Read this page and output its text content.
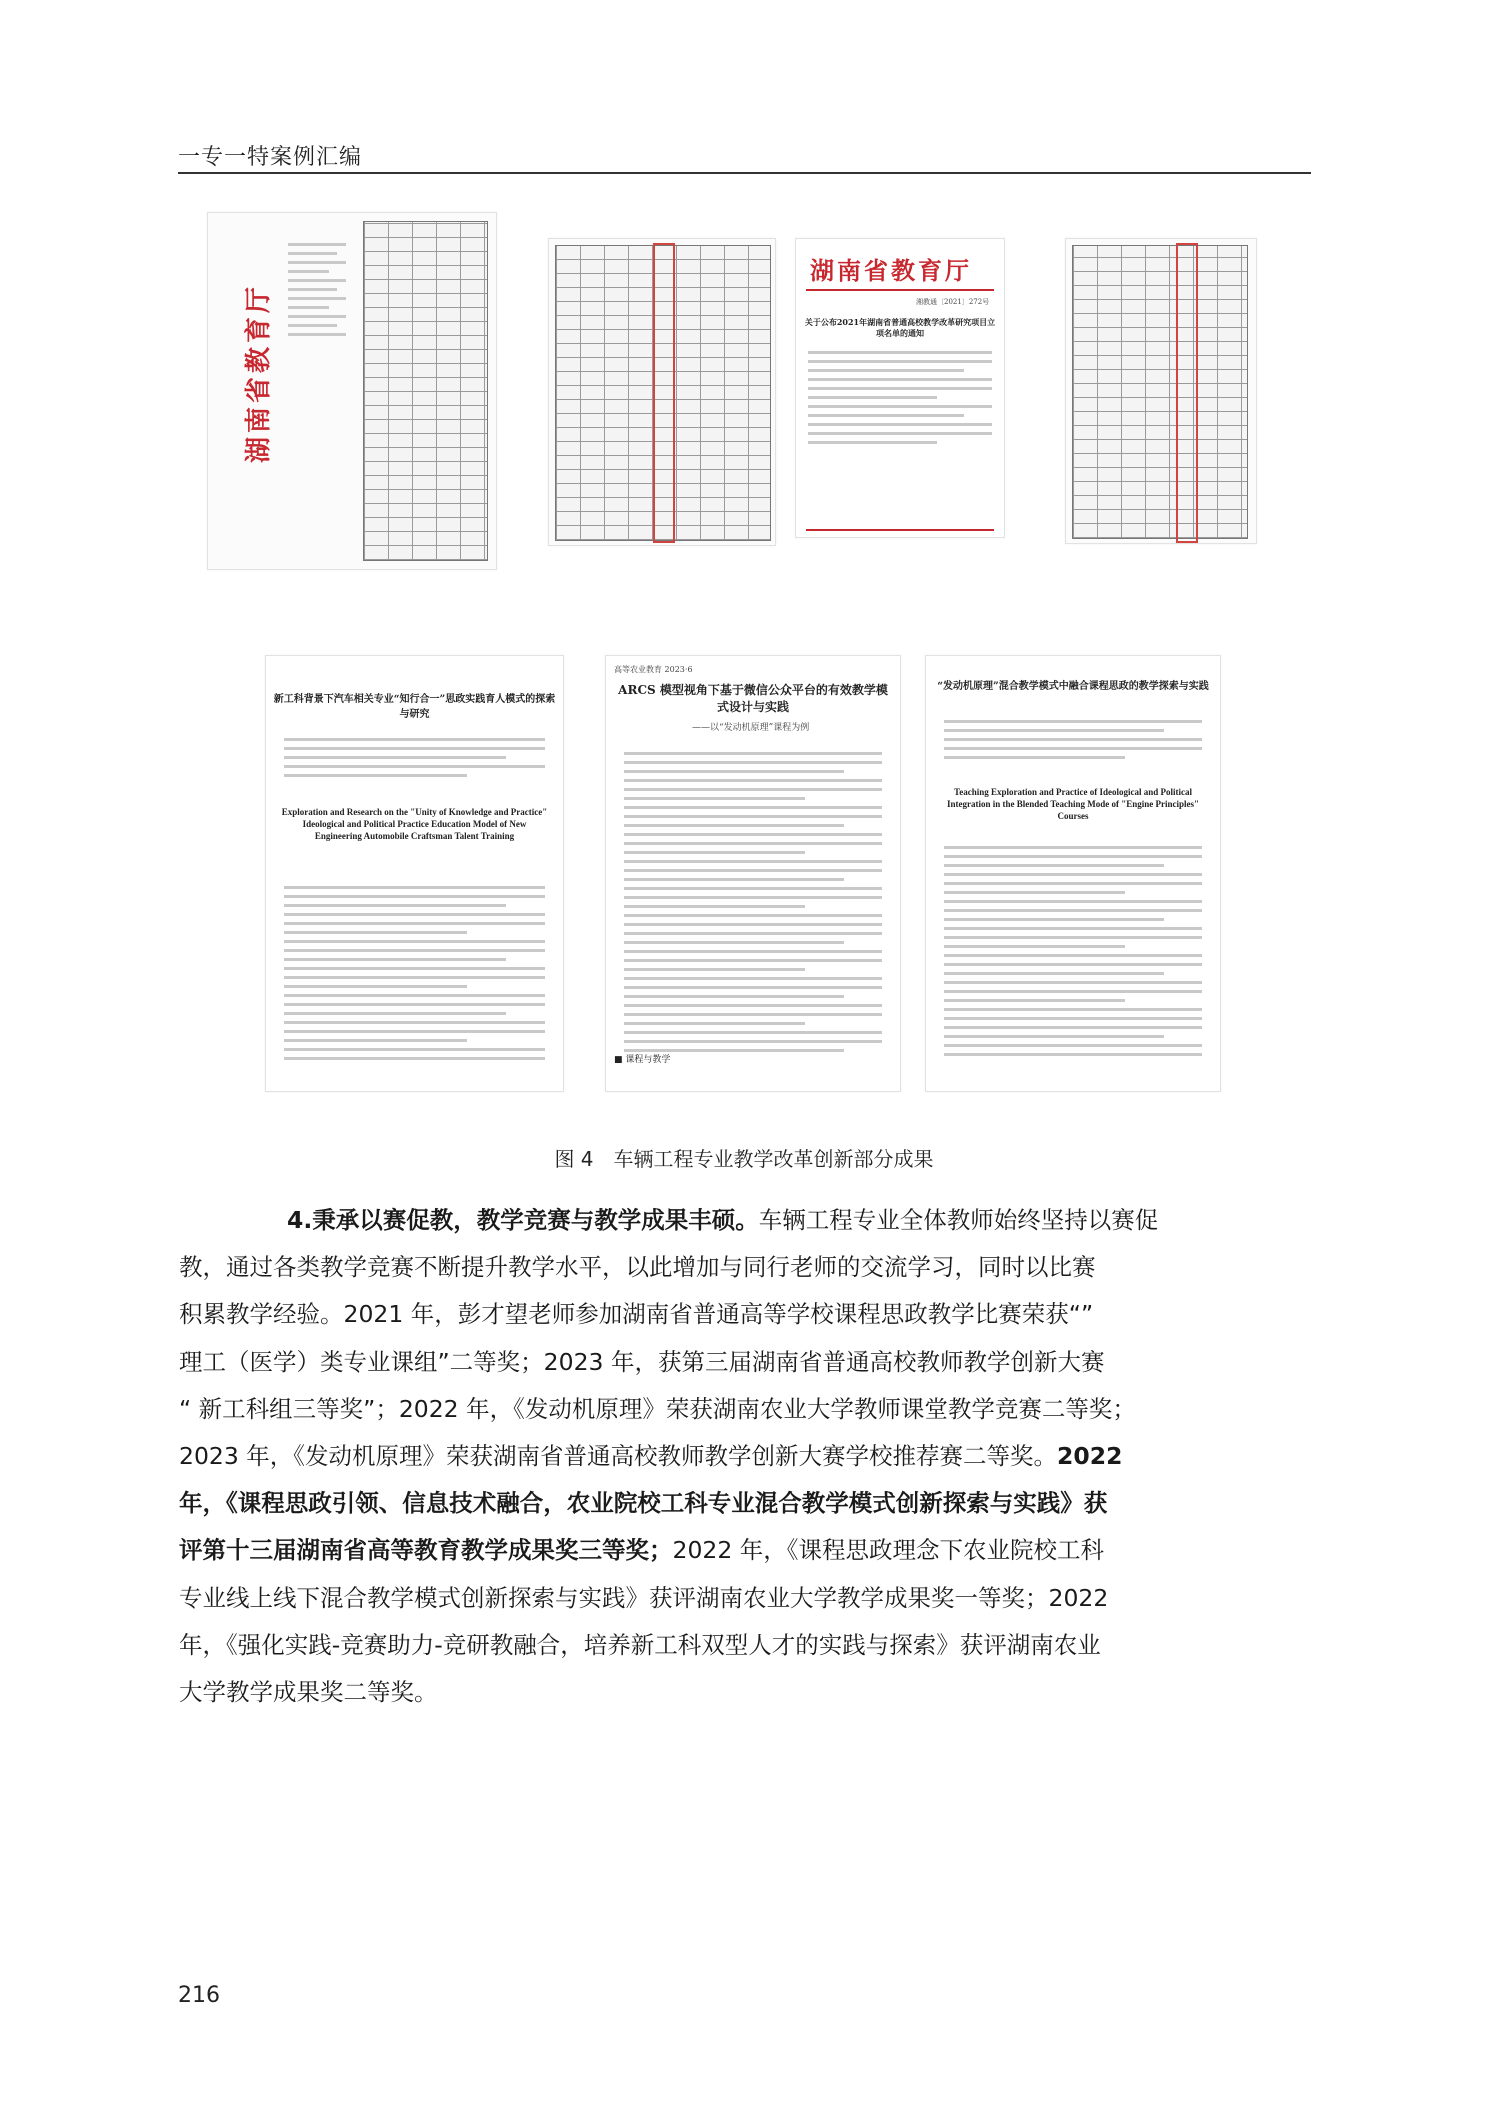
一专一特案例汇编
湖南省教育厅
湖南省教育厅
湘教通〔2021〕272号
关于公布2021年湖南省普通高校教学改革研究项目立项名单的通知
新工科背景下汽车相关专业“知行合一”思政实践育人模式的探索与研究
Exploration and Research on the "Unity of Knowledge and Practice" Ideological and Political Practice Education Model of New Engineering Automobile Craftsman Talent Training
高等农业教育 2023·6
ARCS 模型视角下基于微信公众平台的有效教学模式设计与实践
——以“发动机原理”课程为例
■ 课程与教学
“发动机原理”混合教学模式中融合课程思政的教学探索与实践
Teaching Exploration and Practice of Ideological and Political Integration in the Blended Teaching Mode of "Engine Principles" Courses
图 4　车辆工程专业教学改革创新部分成果
4.秉承以赛促教，教学竞赛与教学成果丰硕。车辆工程专业全体教师始终坚持以赛促
教，通过各类教学竞赛不断提升教学水平，以此增加与同行老师的交流学习，同时以比赛
积累教学经验。2021 年，彭才望老师参加湖南省普通高等学校课程思政教学比赛荣获“”
理工（医学）类专业课组”二等奖；2023 年，获第三届湖南省普通高校教师教学创新大赛
“ 新工科组三等奖”；2022 年，《发动机原理》荣获湖南农业大学教师课堂教学竞赛二等奖；
2023 年，《发动机原理》荣获湖南省普通高校教师教学创新大赛学校推荐赛二等奖。2022
年，《课程思政引领、信息技术融合，农业院校工科专业混合教学模式创新探索与实践》获
评第十三届湖南省高等教育教学成果奖三等奖；2022 年，《课程思政理念下农业院校工科
专业线上线下混合教学模式创新探索与实践》获评湖南农业大学教学成果奖一等奖；2022
年，《强化实践-竞赛助力-竞研教融合，培养新工科双型人才的实践与探索》获评湖南农业
大学教学成果奖二等奖。
216
